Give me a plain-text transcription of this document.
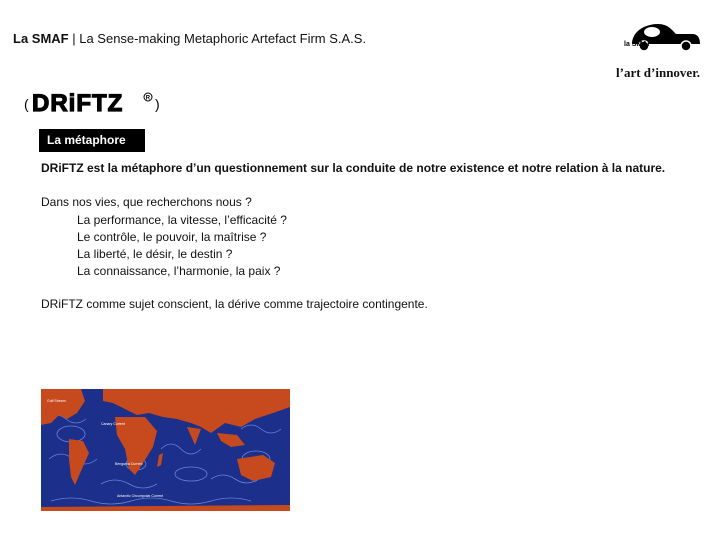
La SMAF | La Sense-making Metaphoric Artefact Firm S.A.S.	la SMAF
l’art d’innover.
( DRiFTZ	R )
La métaphore
DRiFTZ est la métaphore d’un questionnement sur la conduite de notre existence et notre relation à la nature.
Dans nos vies, que recherchons nous ?
La performance, la vitesse, l’efficacité ?
Le contrôle, le pouvoir, la maîtrise ?
La liberté, le désir, le destin ?
La connaissance, l’harmonie, la paix ?
DRiFTZ comme sujet conscient, la dérive comme trajectoire contingente.
Gulf Stream
Canary Current
Benguela Current
Antarctic Circumpolar Current
